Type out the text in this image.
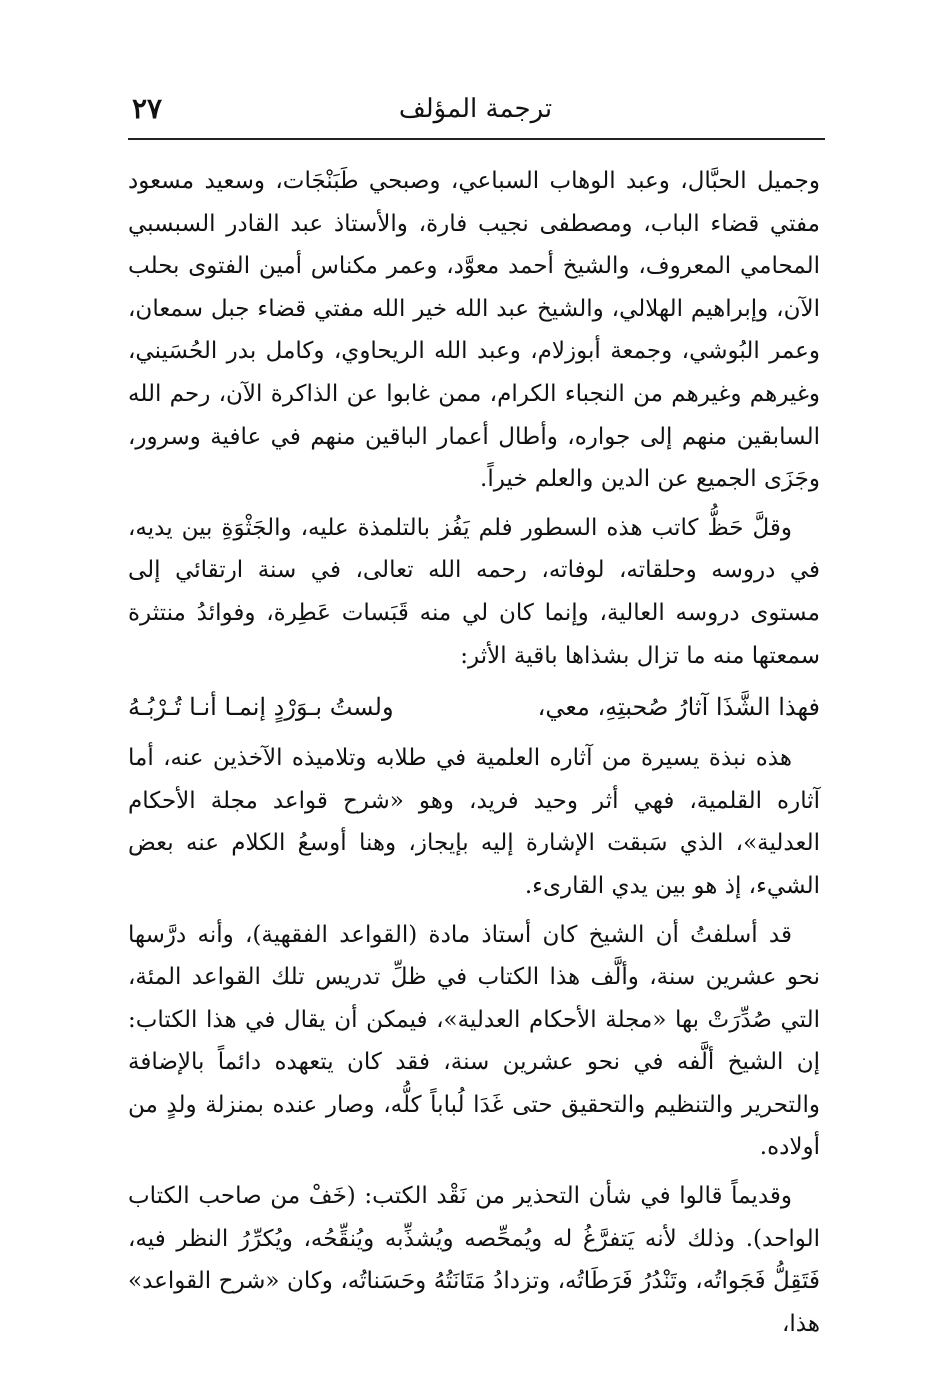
ترجمة المؤلف
٢٧

وجميل الحبَّال، وعبد الوهاب السباعي، وصبحي طَبَنْجَات، وسعيد مسعود مفتي قضاء الباب، ومصطفى نجيب فارة، والأستاذ عبد القادر السبسبي المحامي المعروف، والشيخ أحمد معوَّد، وعمر مكناس أمين الفتوى بحلب الآن، وإبراهيم الهلالي، والشيخ عبد الله خير الله مفتي قضاء جبل سمعان، وعمر البُوشي، وجمعة أبوزلام، وعبد الله الريحاوي، وكامل بدر الحُسَيني، وغيرهم وغيرهم من النجباء الكرام، ممن غابوا عن الذاكرة الآن، رحم الله السابقين منهم إلى جواره، وأطال أعمار الباقين منهم في عافية وسرور، وجَزَى الجميع عن الدين والعلم خيراً.

وقلَّ حَظُّ كاتب هذه السطور فلم يَفُز بالتلمذة عليه، والجَثْوَةِ بين يديه، في دروسه وحلقاته، لوفاته، رحمه الله تعالى، في سنة ارتقائي إلى مستوى دروسه العالية، وإنما كان لي منه قَبَسات عَطِرة، وفوائدُ منتثرة سمعتها منه ما تزال بشذاها باقية الأثر:

فهذا الشَّذَا آثارُ صُحبتِهِ، معي،
ولستُ بـوَرْدٍ إنمـا أنـا تُـرْبُـهُ

هذه نبذة يسيرة من آثاره العلمية في طلابه وتلاميذه الآخذين عنه، أما آثاره القلمية، فهي أثر وحيد فريد، وهو «شرح قواعد مجلة الأحكام العدلية»، الذي سَبقت الإشارة إليه بإيجاز، وهنا أوسعُ الكلام عنه بعض الشيء، إذ هو بين يدي القارىء.

قد أسلفتُ أن الشيخ كان أستاذ مادة (القواعد الفقهية)، وأنه درَّسها نحو عشرين سنة، وألَّف هذا الكتاب في ظلِّ تدريس تلك القواعد المئة، التي صُدِّرَتْ بها «مجلة الأحكام العدلية»، فيمكن أن يقال في هذا الكتاب: إن الشيخ ألَّفه في نحو عشرين سنة، فقد كان يتعهده دائماً بالإضافة والتحرير والتنظيم والتحقيق حتى غَدَا لُباباً كلُّه، وصار عنده بمنزلة ولدٍ من أولاده.

وقديماً قالوا في شأن التحذير من نَقْد الكتب: (خَفْ من صاحب الكتاب الواحد). وذلك لأنه يَتفرَّغُ له ويُمحِّصه ويُشذِّبه ويُنقِّحُه، ويُكرِّرُ النظر فيه، فَتَقِلُّ فَجَواتُه، وتَنْدُرُ فَرَطَاتُه، وتزدادُ مَتَانَتُهُ وحَسَناتُه، وكان «شرح القواعد» هذا،
